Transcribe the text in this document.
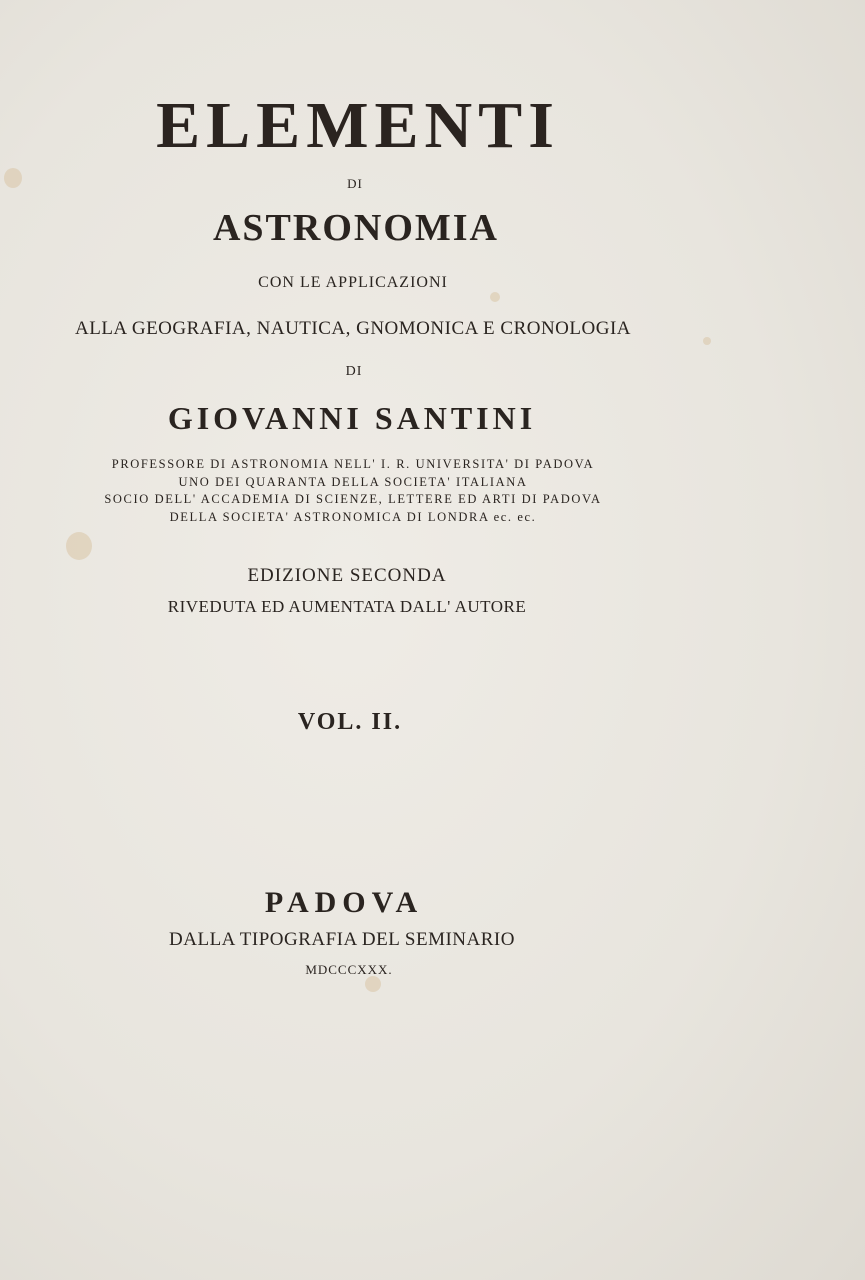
ELEMENTI
DI
ASTRONOMIA
CON LE APPLICAZIONI
ALLA GEOGRAFIA, NAUTICA, GNOMONICA E CRONOLOGIA
DI
GIOVANNI SANTINI
PROFESSORE DI ASTRONOMIA NELL' I. R. UNIVERSITA' DI PADOVA
UNO DEI QUARANTA DELLA SOCIETA' ITALIANA
SOCIO DELL' ACCADEMIA DI SCIENZE, LETTERE ED ARTI DI PADOVA
DELLA SOCIETA' ASTRONOMICA DI LONDRA ec. ec.
EDIZIONE SECONDA
RIVEDUTA ED AUMENTATA DALL' AUTORE
VOL. II.
PADOVA
DALLA TIPOGRAFIA DEL SEMINARIO
MDCCCXXX.
